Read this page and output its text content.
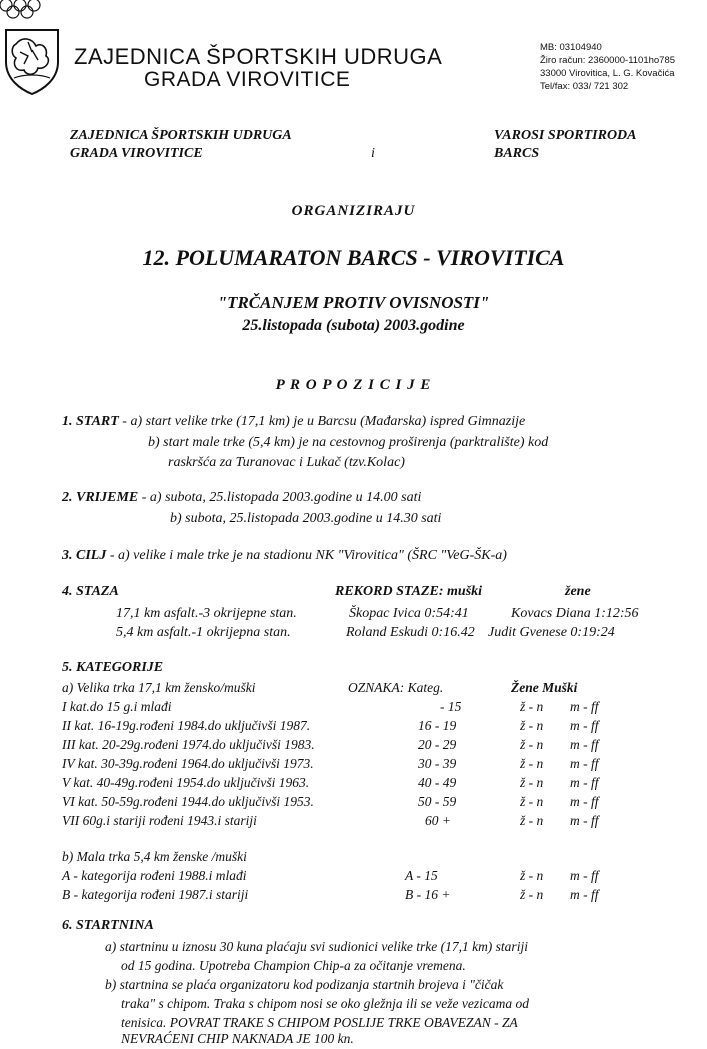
ZAJEDNICA ŠPORTSKIH UDRUGA
GRADA VIROVITICE
MB: 03104940
Žiro račun: 2360000-1101ho785
33000 Virovitica, L. G. Kovačića
Tel/fax: 033/ 721 302
ZAJEDNICA ŠPORTSKIH UDRUGA
GRADA VIROVITICE	i
VAROSI SPORTIRODA
BARCS
ORGANIZIRAJU
12. POLUMARATON BARCS - VIROVITICA
"TRČANJEM PROTIV OVISNOSTI"
25.listopada (subota) 2003.godine
P R O P O Z I C I J E
1. START - a) start velike trke (17,1 km) je u Barcsu (Mađarska) ispred Gimnazije
b) start male trke (5,4 km) je na cestovnog proširenja (parktralište) kod
raskršća za Turanovac i Lukač (tzv.Kolac)
2. VRIJEME - a) subota, 25.listopada 2003.godine u 14.00 sati
b) subota, 25.listopada 2003.godine u 14.30 sati
3. CILJ - a) velike i male trke je na stadionu NK "Virovitica" (ŠRC "VeG-ŠK-a)
4. STAZA	REKORD STAZE: muški	žene
17,1 km asfalt.-3 okrijepne stan.	Škopac Ivica 0:54:41	Kovacs Diana 1:12:56
5,4 km asfalt.-1 okrijepna stan.	Roland Eskudi 0:16.42 Judit Gvenese 0:19:24
5. KATEGORIJE
a) Velika trka 17,1 km žensko/muški	OZNAKA: Kateg.	Žene Muški
I kat.do 15 g.i mlađi	- 15	ž - n m - ff
II kat. 16-19g.rođeni 1984.do uključivši 1987.	16 - 19	ž - n m - ff
III kat. 20-29g.rođeni 1974.do uključivši 1983.	20 - 29	ž - n m - ff
IV kat. 30-39g.rođeni 1964.do uključivši 1973.	30 - 39	ž - n m - ff
V kat. 40-49g.rođeni 1954.do uključivši 1963.	40 - 49	ž - n m - ff
VI kat. 50-59g.rođeni 1944.do uključivši 1953.	50 - 59	ž - n m - ff
VII 60g.i stariji rođeni 1943.i stariji	60 +	ž - n m - ff
b) Mala trka 5,4 km ženske /muški
A - kategorija rođeni 1988.i mlađi	A - 15	ž - n m - ff
B - kategorija rođeni 1987.i stariji	B - 16 +	ž - n m - ff
6. STARTNINA
a) startninu u iznosu 30 kuna plaćaju svi sudionici velike trke (17,1 km) stariji
od 15 godina. Upotreba Champion Chip-a za očitanje vremena.
b) startnina se plaća organizatoru kod podizanja startnih brojeva i "čičak
traka" s chipom. Traka s chipom nosi se oko gležnja ili se veže vezicama od
tenisica. POVRAT TRAKE S CHIPOM POSLIJE TRKE OBAVEZAN - ZA
NEVRAĆENI CHIP NAKNADA JE 100 kn.
